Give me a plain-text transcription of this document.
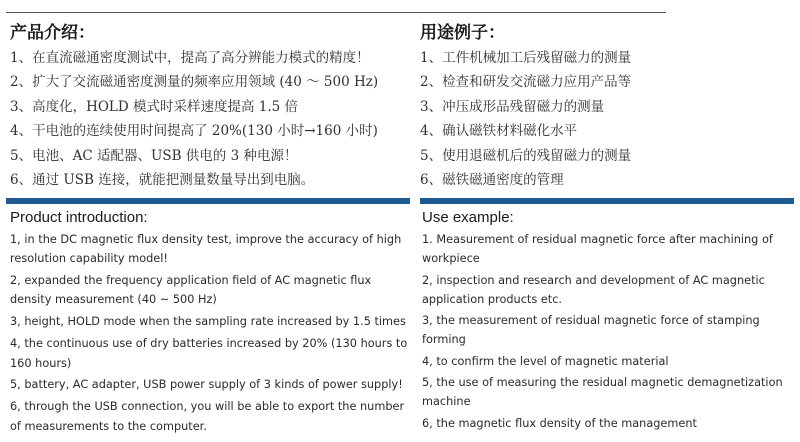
产品介绍：
1、在直流磁通密度测试中，提高了高分辨能力模式的精度！
2、扩大了交流磁通密度测量的频率应用领域 (40 ～ 500 Hz)
3、高度化，HOLD 模式时采样速度提高 1.5 倍
4、干电池的连续使用时间提高了 20%(130 小时→160 小时)
5、电池、AC 适配器、USB 供电的 3 种电源！
6、通过 USB 连接，就能把测量数量导出到电脑。
用途例子：
1、工件机械加工后残留磁力的测量
2、检查和研发交流磁力应用产品等
3、冲压成形品残留磁力的测量
4、确认磁铁材料磁化水平
5、使用退磁机后的残留磁力的测量
6、磁铁磁通密度的管理
Product introduction:
1, in the DC magnetic flux density test, improve the accuracy of high resolution capability model!
2, expanded the frequency application field of AC magnetic flux density measurement (40 ~ 500 Hz)
3, height, HOLD mode when the sampling rate increased by 1.5 times
4, the continuous use of dry batteries increased by 20% (130 hours to 160 hours)
5, battery, AC adapter, USB power supply of 3 kinds of power supply!
6, through the USB connection, you will be able to export the number of measurements to the computer.
Use example:
1. Measurement of residual magnetic force after machining of workpiece
2, inspection and research and development of AC magnetic application products etc.
3, the measurement of residual magnetic force of stamping forming
4, to confirm the level of magnetic material
5, the use of measuring the residual magnetic demagnetization machine
6, the magnetic flux density of the management
